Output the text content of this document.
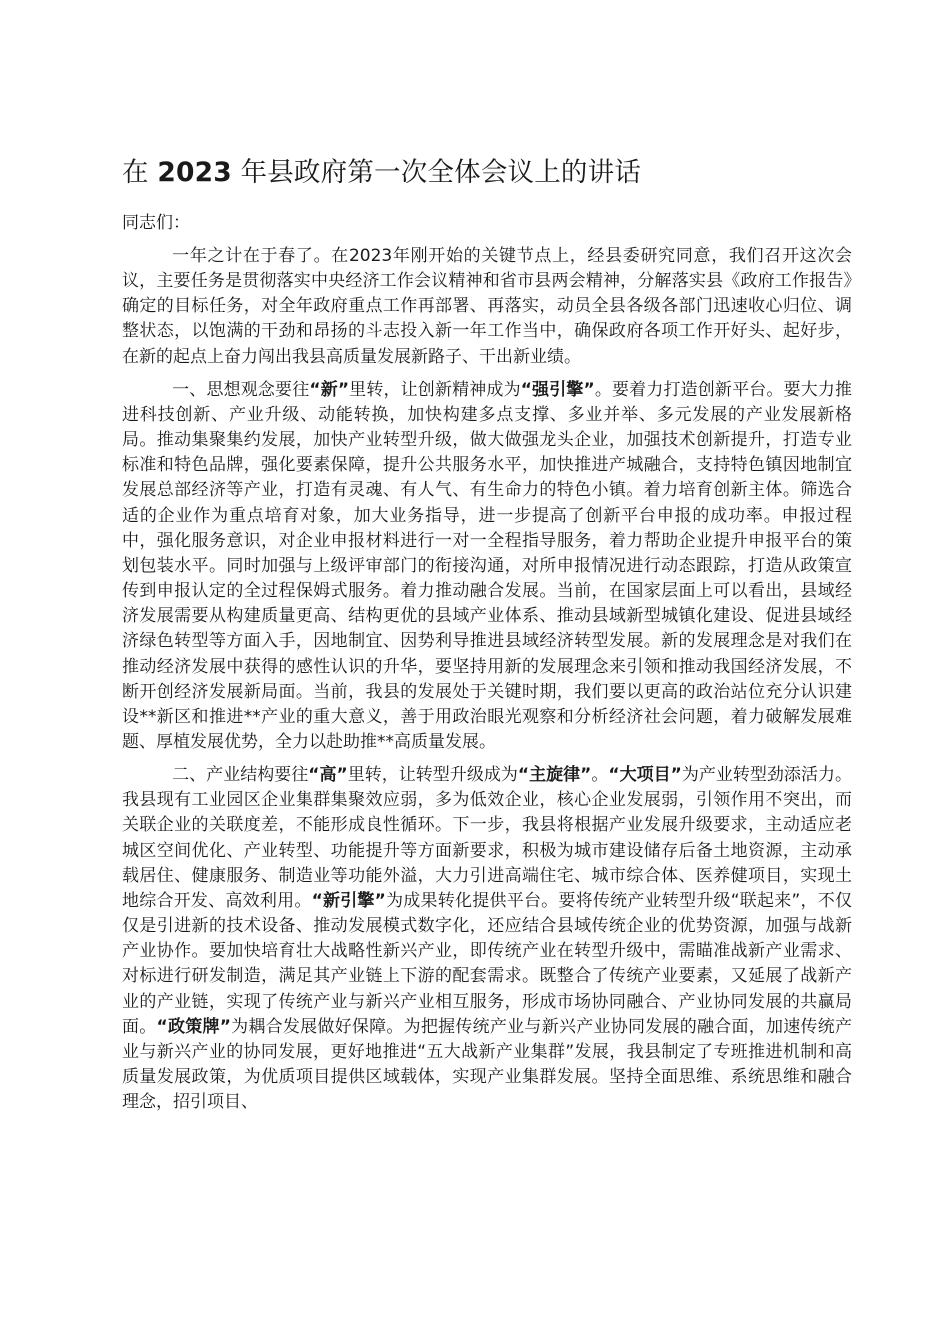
在 2023 年县政府第一次全体会议上的讲话

同志们：

一年之计在于春了。在2023年刚开始的关键节点上，经县委研究同意，我们召开这次会议，主要任务是贯彻落实中央经济工作会议精神和省市县两会精神，分解落实县《政府工作报告》确定的目标任务，对全年政府重点工作再部署、再落实，动员全县各级各部门迅速收心归位、调整状态，以饱满的干劲和昂扬的斗志投入新一年工作当中，确保政府各项工作开好头、起好步，在新的起点上奋力闯出我县高质量发展新路子、干出新业绩。

一、思想观念要往“新”里转，让创新精神成为“强引擎”。要着力打造创新平台。要大力推进科技创新、产业升级、动能转换，加快构建多点支撑、多业并举、多元发展的产业发展新格局。推动集聚集约发展，加快产业转型升级，做大做强龙头企业，加强技术创新提升，打造专业标准和特色品牌，强化要素保障，提升公共服务水平，加快推进产城融合，支持特色镇因地制宜发展总部经济等产业，打造有灵魂、有人气、有生命力的特色小镇。着力培育创新主体。筛选合适的企业作为重点培育对象，加大业务指导，进一步提高了创新平台申报的成功率。申报过程中，强化服务意识，对企业申报材料进行一对一全程指导服务，着力帮助企业提升申报平台的策划包装水平。同时加强与上级评审部门的衔接沟通，对所申报情况进行动态跟踪，打造从政策宣传到申报认定的全过程保姆式服务。着力推动融合发展。当前，在国家层面上可以看出，县域经济发展需要从构建质量更高、结构更优的县域产业体系、推动县域新型城镇化建设、促进县域经济绿色转型等方面入手，因地制宜、因势利导推进县域经济转型发展。新的发展理念是对我们在推动经济发展中获得的感性认识的升华，要坚持用新的发展理念来引领和推动我国经济发展，不断开创经济发展新局面。当前，我县的发展处于关键时期，我们要以更高的政治站位充分认识建设**新区和推进**产业的重大意义，善于用政治眼光观察和分析经济社会问题，着力破解发展难题、厚植发展优势，全力以赴助推**高质量发展。

二、产业结构要往“高”里转，让转型升级成为“主旋律”。“大项目”为产业转型劲添活力。我县现有工业园区企业集群集聚效应弱，多为低效企业，核心企业发展弱，引领作用不突出，而关联企业的关联度差，不能形成良性循环。下一步，我县将根据产业发展升级要求，主动适应老城区空间优化、产业转型、功能提升等方面新要求，积极为城市建设储存后备土地资源，主动承载居住、健康服务、制造业等功能外溢，大力引进高端住宅、城市综合体、医养健项目，实现土地综合开发、高效利用。“新引擎”为成果转化提供平台。要将传统产业转型升级“联起来”，不仅仅是引进新的技术设备、推动发展模式数字化，还应结合县域传统企业的优势资源，加强与战新产业协作。要加快培育壮大战略性新兴产业，即传统产业在转型升级中，需瞄准战新产业需求、对标进行研发制造，满足其产业链上下游的配套需求。既整合了传统产业要素，又延展了战新产业的产业链，实现了传统产业与新兴产业相互服务，形成市场协同融合、产业协同发展的共赢局面。“政策牌”为耦合发展做好保障。为把握传统产业与新兴产业协同发展的融合面，加速传统产业与新兴产业的协同发展，更好地推进“五大战新产业集群”发展，我县制定了专班推进机制和高质量发展政策，为优质项目提供区域载体，实现产业集群发展。坚持全面思维、系统思维和融合理念，招引项目、
